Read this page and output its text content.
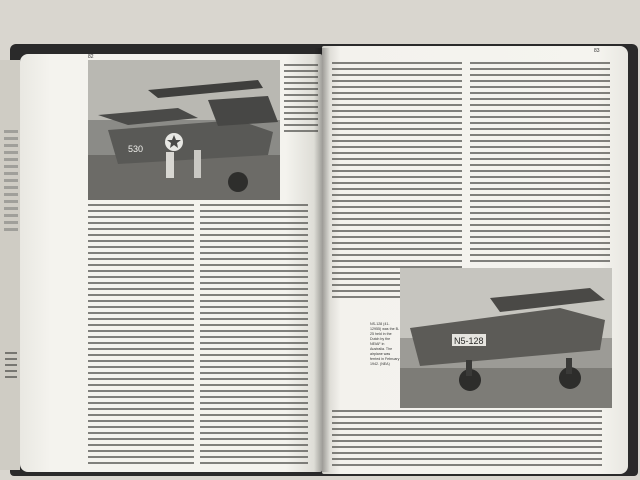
82
530
83
N5-128
NS-128 (41-12955) was the B-25 held in the Dutch by the NEIAF in Australia. The airplane was ferried in February 1942. (NEA)
